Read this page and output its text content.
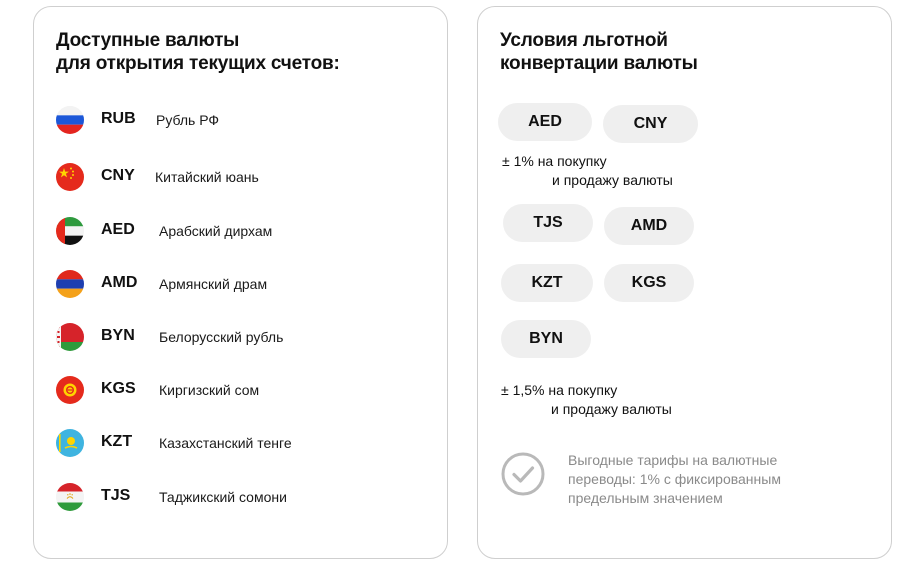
Доступные валюты
для открытия текущих счетов:
RUB Рубль РФ
CNY Китайский юань
AED Арабский дирхам
AMD Армянский драм
BYN Белорусский рубль
KGS Киргизский сом
KZT Казахстанский тенге
TJS Таджикский сомони
Условия льготной
конвертации валюты
AED	CNY
± 1% на покупку
и продажу валюты
TJS	AMD
KZT	KGS
BYN
± 1,5% на покупку
и продажу валюты
Выгодные тарифы на валютные
переводы: 1% с фиксированным
предельным значением
